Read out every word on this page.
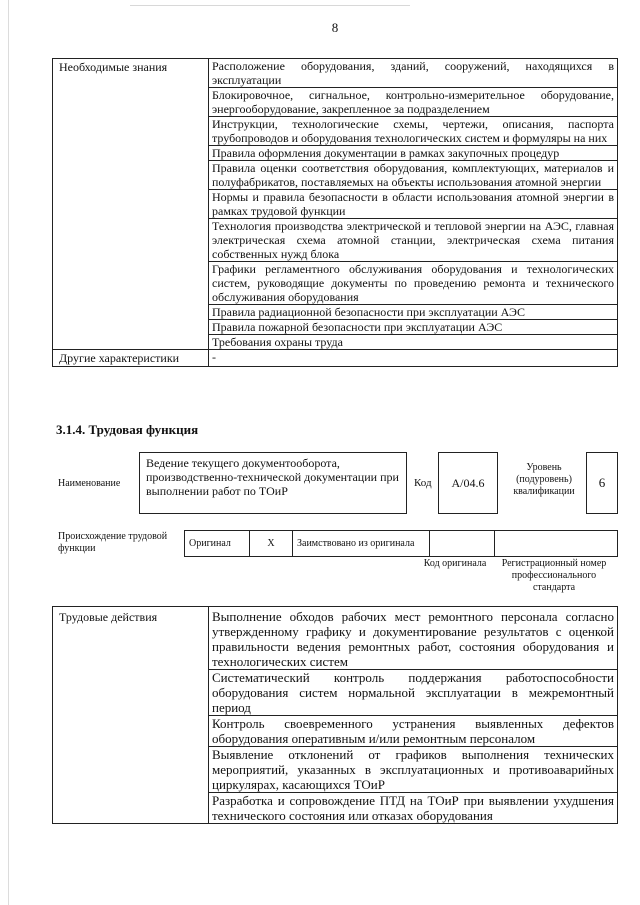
8
Необходимые знания	Расположение оборудования, зданий, сооружений, находящихся в эксплуатации
	Блокировочное, сигнальное, контрольно-измерительное оборудование, энергооборудование, закрепленное за подразделением
	Инструкции, технологические схемы, чертежи, описания, паспорта трубопроводов и оборудования технологических систем и формуляры на них
	Правила оформления документации в рамках закупочных процедур
	Правила оценки соответствия оборудования, комплектующих, материалов и полуфабрикатов, поставляемых на объекты использования атомной энергии
	Нормы и правила безопасности в области использования атомной энергии в рамках трудовой функции
	Технология производства электрической и тепловой энергии на АЭС, главная электрическая схема атомной станции, электрическая схема питания собственных нужд блока
	Графики регламентного обслуживания оборудования и технологических систем, руководящие документы по проведению ремонта и технического обслуживания оборудования
	Правила радиационной безопасности при эксплуатации АЭС
	Правила пожарной безопасности при эксплуатации АЭС
	Требования охраны труда
Другие характеристики	-
3.1.4. Трудовая функция
Наименование
Ведение текущего документооборота, производственно-технической документации при выполнении работ по ТОиР
Код	А/04.6
Уровень (подуровень) квалификации
6
Происхождение трудовой функции	Оригинал	X	Заимствовано из оригинала		
Код оригинала	Регистрационный номер профессионального стандарта
Трудовые действия	Выполнение обходов рабочих мест ремонтного персонала согласно утвержденному графику и документирование результатов с оценкой правильности ведения ремонтных работ, состояния оборудования и технологических систем
Систематический контроль поддержания работоспособности оборудования систем нормальной эксплуатации в межремонтный период
Контроль своевременного устранения выявленных дефектов оборудования оперативным и/или ремонтным персоналом
Выявление отклонений от графиков выполнения технических мероприятий, указанных в эксплуатационных и противоаварийных циркулярах, касающихся ТОиР
Разработка и сопровождение ПТД на ТОиР при выявлении ухудшения технического состояния или отказах оборудования
